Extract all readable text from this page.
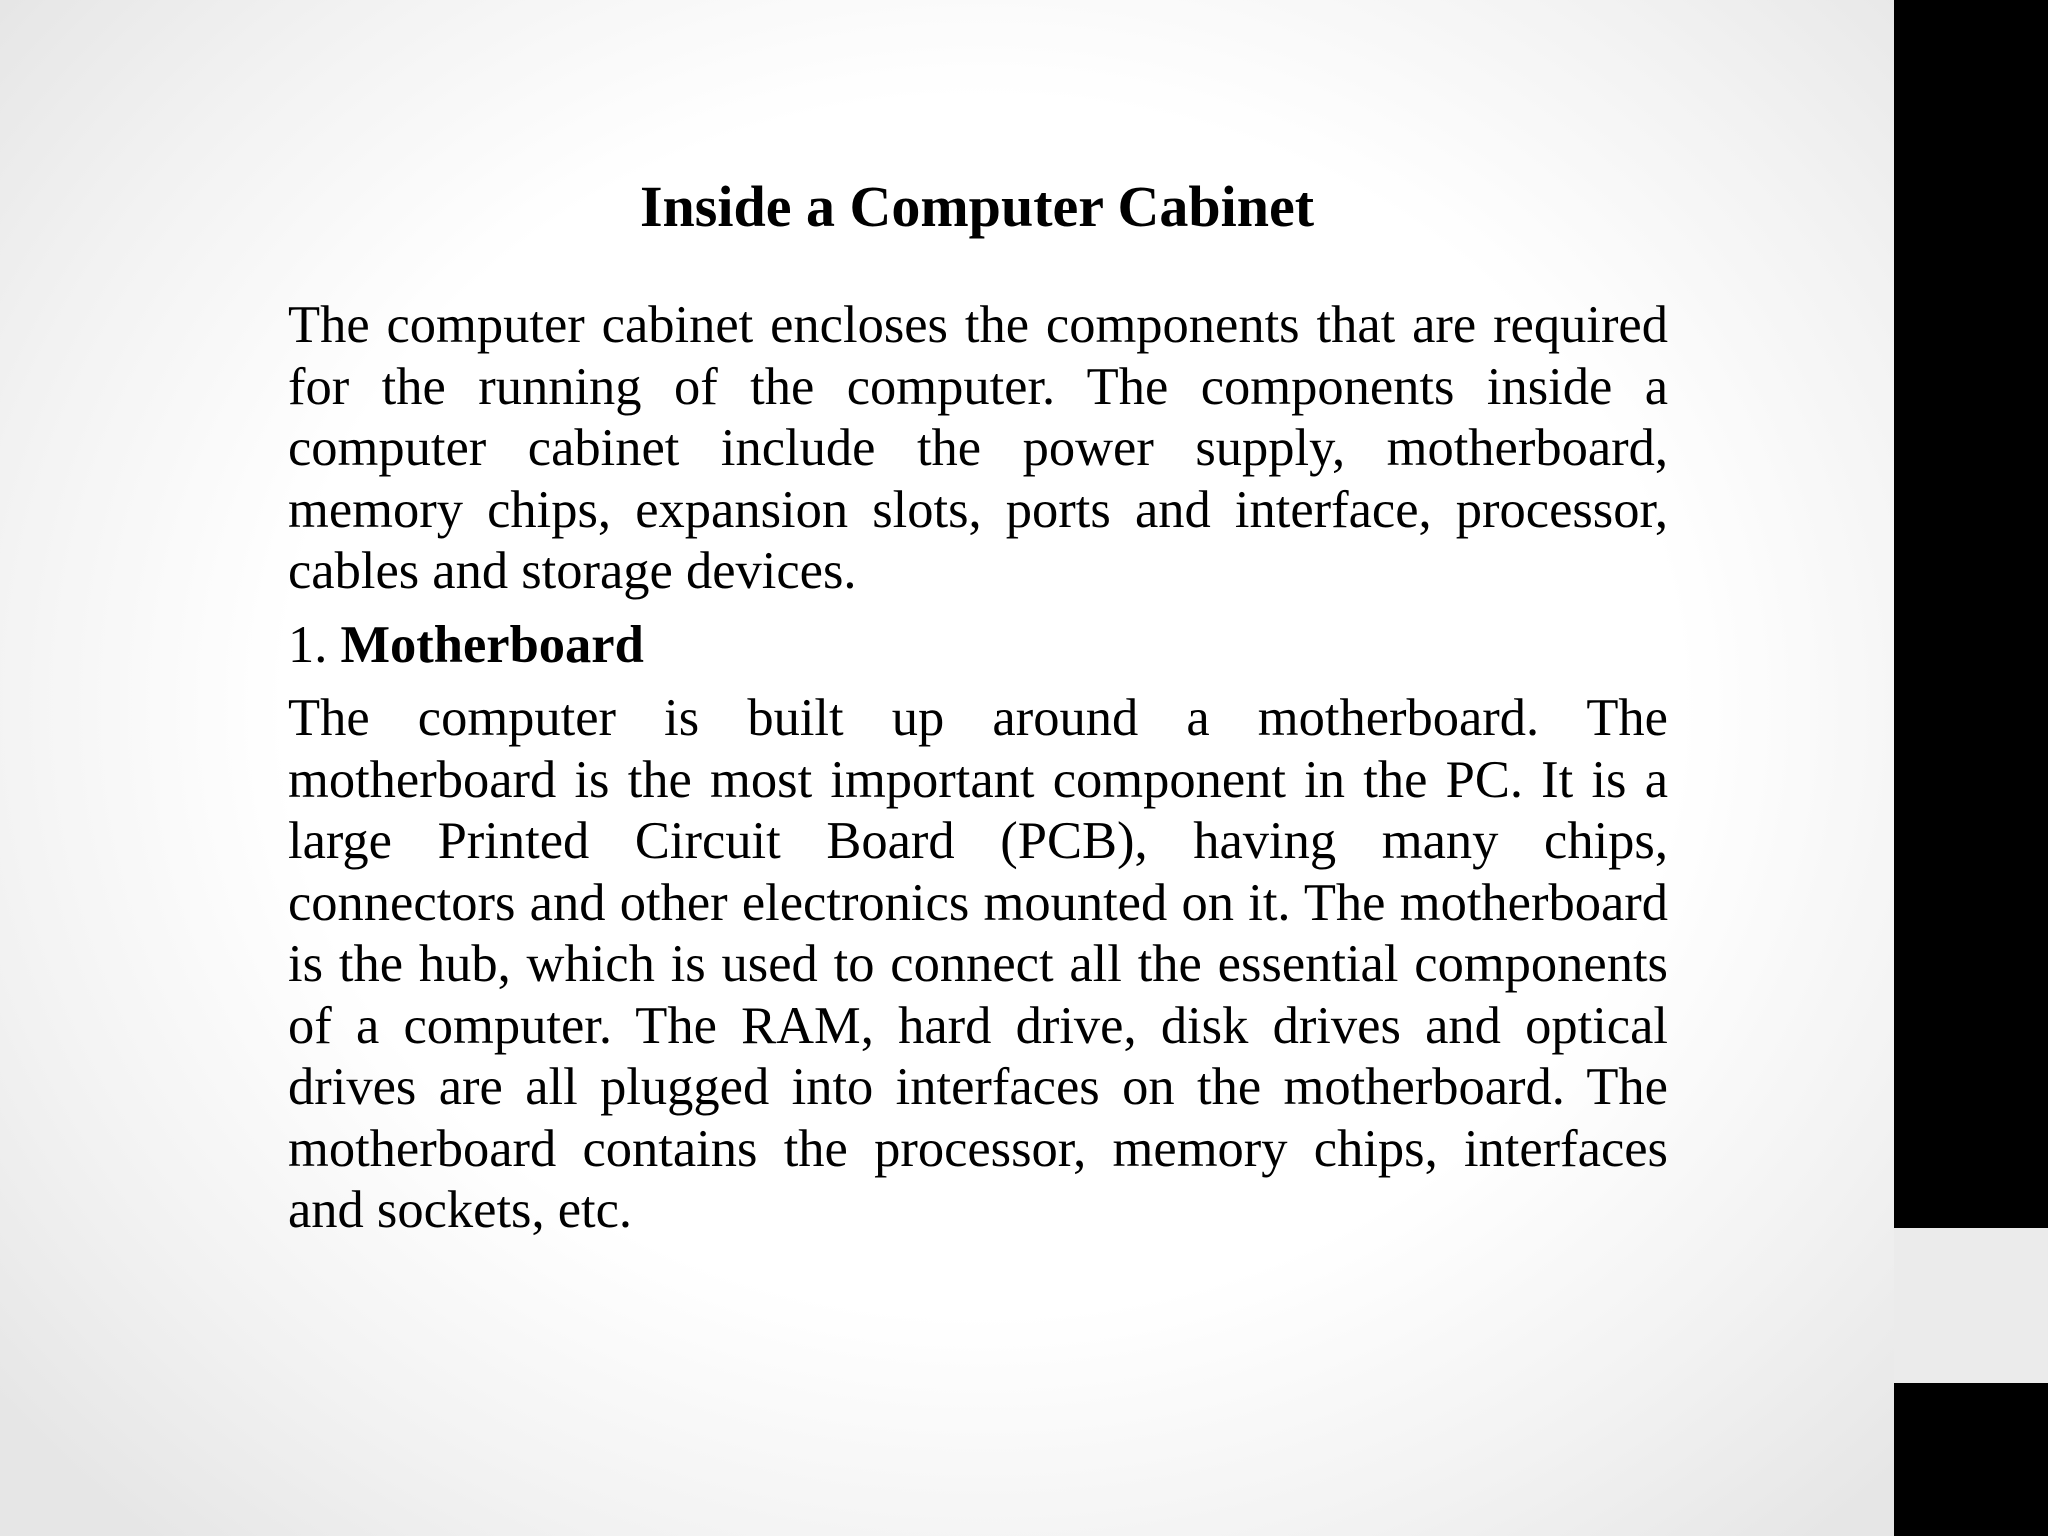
Inside a Computer Cabinet

The computer cabinet encloses the components that are required for the running of the computer. The components inside a computer cabinet include the power supply, motherboard, memory chips, expansion slots, ports and interface, processor, cables and storage devices.

1. Motherboard

The computer is built up around a motherboard. The motherboard is the most important component in the PC. It is a large Printed Circuit Board (PCB), having many chips, connectors and other electronics mounted on it. The motherboard is the hub, which is used to connect all the essential components of a computer. The RAM, hard drive, disk drives and optical drives are all plugged into interfaces on the motherboard. The motherboard contains the processor, memory chips, interfaces and sockets, etc.
